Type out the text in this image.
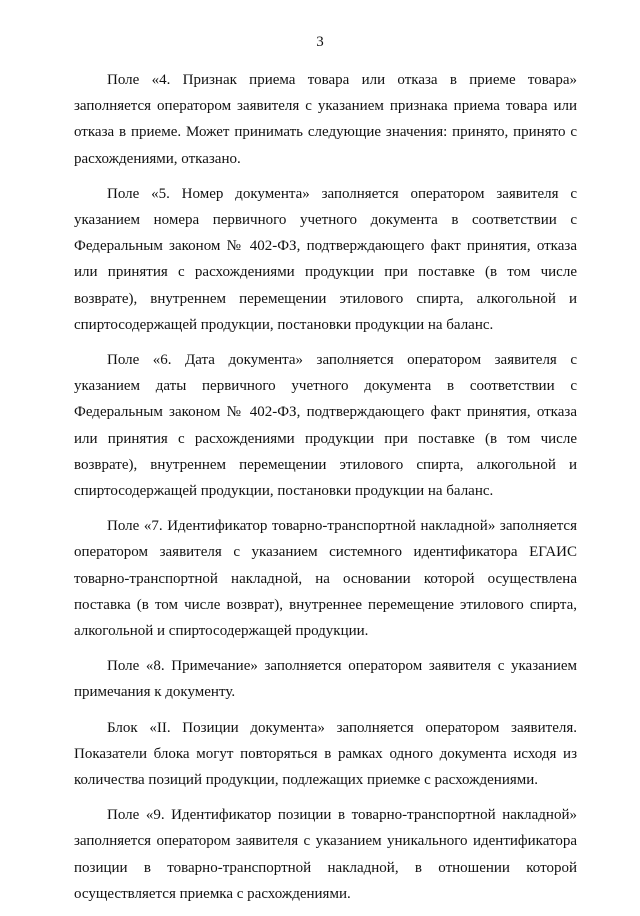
3

Поле «4. Признак приема товара или отказа в приеме товара» заполняется оператором заявителя с указанием признака приема товара или отказа в приеме. Может принимать следующие значения: принято, принято с расхождениями, отказано.

Поле «5. Номер документа» заполняется оператором заявителя с указанием номера первичного учетного документа в соответствии с Федеральным законом № 402-ФЗ, подтверждающего факт принятия, отказа или принятия с расхождениями продукции при поставке (в том числе возврате), внутреннем перемещении этилового спирта, алкогольной и спиртосодержащей продукции, постановки продукции на баланс.

Поле «6. Дата документа» заполняется оператором заявителя с указанием даты первичного учетного документа в соответствии с Федеральным законом № 402-ФЗ, подтверждающего факт принятия, отказа или принятия с расхождениями продукции при поставке (в том числе возврате), внутреннем перемещении этилового спирта, алкогольной и спиртосодержащей продукции, постановки продукции на баланс.

Поле «7. Идентификатор товарно-транспортной накладной» заполняется оператором заявителя с указанием системного идентификатора ЕГАИС товарно-транспортной накладной, на основании которой осуществлена поставка (в том числе возврат), внутреннее перемещение этилового спирта, алкогольной и спиртосодержащей продукции.

Поле «8. Примечание» заполняется оператором заявителя с указанием примечания к документу.

Блок «II. Позиции документа» заполняется оператором заявителя. Показатели блока могут повторяться в рамках одного документа исходя из количества позиций продукции, подлежащих приемке с расхождениями.

Поле «9. Идентификатор позиции в товарно-транспортной накладной» заполняется оператором заявителя с указанием уникального идентификатора позиции в товарно-транспортной накладной, в отношении которой осуществляется приемка с расхождениями.
